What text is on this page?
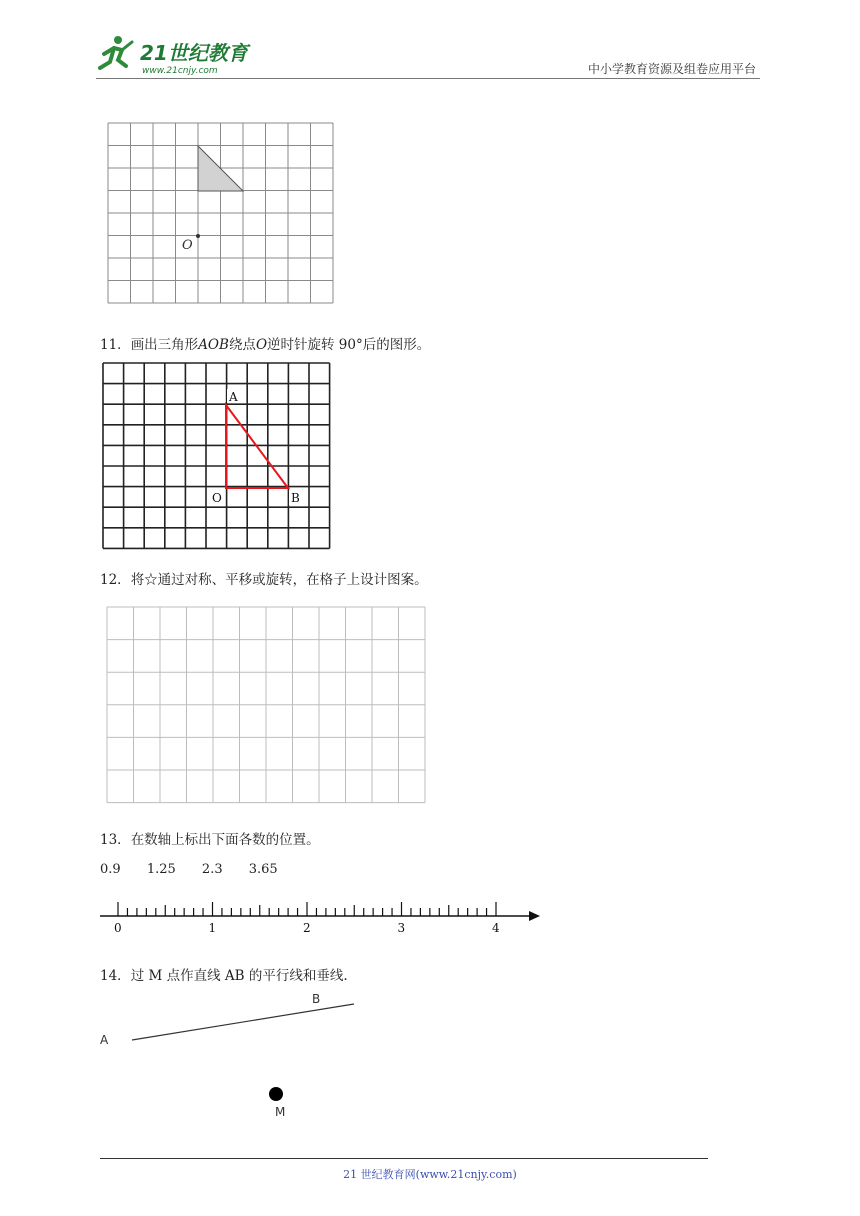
21世纪教育
www.21cnjy.com	中小学教育资源及组卷应用平台
O
11．画出三角形AOB绕点O逆时针旋转 90°后的图形。
A
O	B
12．将☆通过对称、平移或旋转，在格子上设计图案。
13．在数轴上标出下面各数的位置。
0.9 1.25 2.3 3.65
0	1	2	3	4
14．过 M 点作直线 AB 的平行线和垂线.
A
B
M
21 世纪教育网(www.21cnjy.com)
